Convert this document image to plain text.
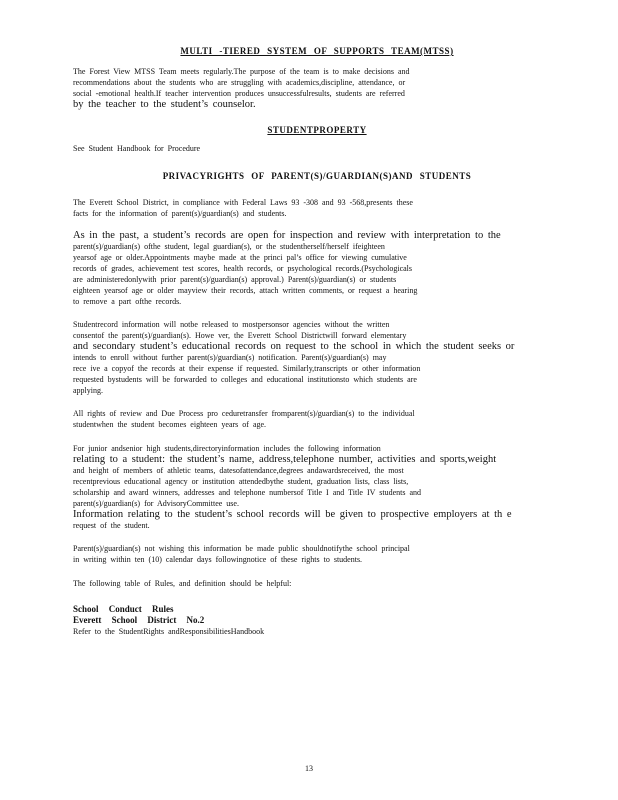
MULTI -TIERED SYSTEM OF SUPPORTS TEAM(MTSS)

The Forest View MTSS Team meets regularly.The purpose of the team is to make decisions and

recommendations about the students who are struggling with academics,discipline, attendance, or

social -emotional health.If teacher intervention produces unsuccessfulresults, students are referred

by the teacher to the student’s counselor.

STUDENTPROPERTY

See Student Handbook for Procedure

PRIVACYRIGHTS OF PARENT(S)/GUARDIAN(S)AND STUDENTS

The Everett School District, in compliance with Federal Laws 93 -308 and 93 -568,presents these

facts for the information of parent(s)/guardian(s) and students.

As in the past, a student’s records are open for inspection and review with interpretation to the

parent(s)/guardian(s) ofthe student, legal guardian(s), or the studentherself/herself ifeighteen

yearsof age or older.Appointments maybe made at the princi pal’s office for viewing cumulative

records of grades, achievement test scores, health records, or psychological records.(Psychologicals

are administeredonlywith prior parent(s)/guardian(s) approval.) Parent(s)/guardian(s) or students

eighteen yearsof age or older mayview their records, attach written comments, or request a hearing

to remove a part ofthe records.

Studentrecord information will notbe released to mostpersonsor agencies without the written

consentof the parent(s)/guardian(s). Howe ver, the Everett School Districtwill forward elementary

and secondary student’s educational records on request to the school in which the student seeks or

intends to enroll without further parent(s)/guardian(s) notification. Parent(s)/guardian(s) may

rece ive a copyof the records at their expense if requested. Similarly,transcripts or other information

requested bystudents will be forwarded to colleges and educational institutionsto which students are

applying.

All rights of review and Due Process pro ceduretransfer fromparent(s)/guardian(s) to the individual

studentwhen the student becomes eighteen years of age.

For junior andsenior high students,directoryinformation includes the following information

relating to a student: the student’s name, address,telephone number, activities and sports,weight

and height of members of athletic teams, datesofattendance,degrees andawardsreceived, the most

recentprevious educational agency or institution attendedbythe student, graduation lists, class lists,

scholarship and award winners, addresses and telephone numbersof Title I and Title IV students and

parent(s)/guardian(s) for AdvisoryCommittee use.

Information relating to the student’s school records will be given to prospective employers at th e

request of the student.

Parent(s)/guardian(s) not wishing this information be made public shouldnotifythe school principal

in writing within ten (10) calendar days followingnotice of these rights to students.

The following table of Rules, and definition should be helpful:

School Conduct Rules

Everett School District No.2

Refer to the StudentRights andResponsibilitiesHandbook

13
